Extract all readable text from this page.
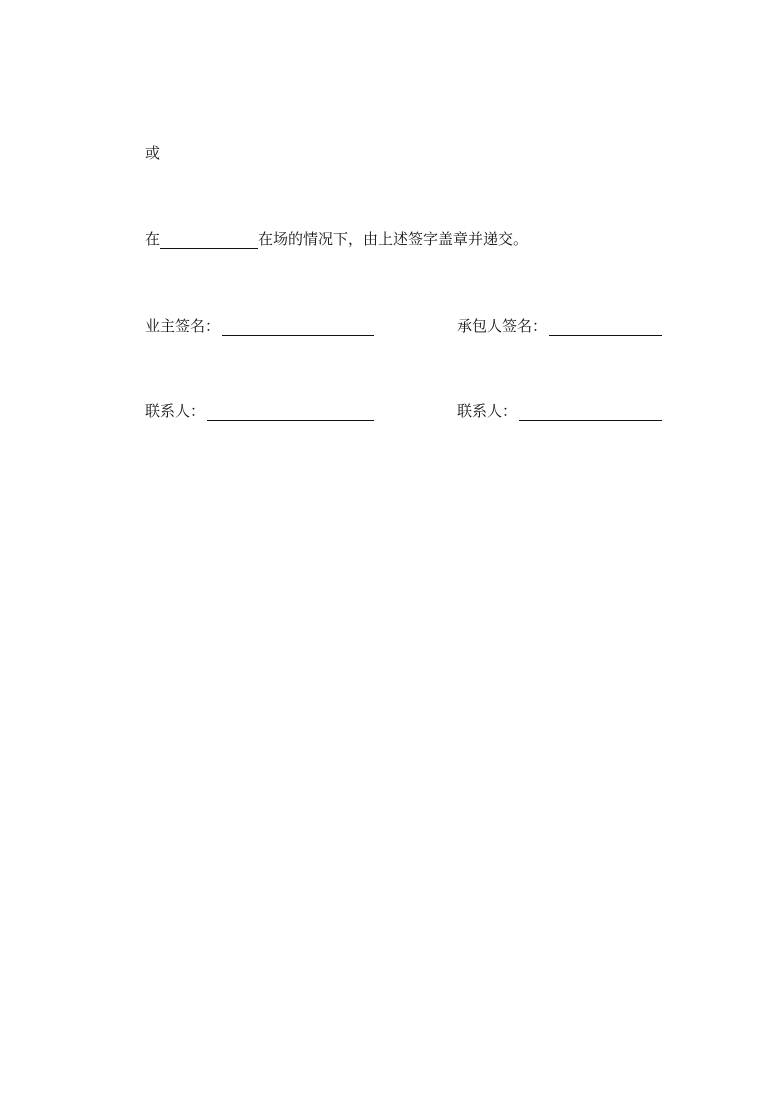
或
在	在场的情况下，由上述签字盖章并递交。
业主签名：	承包人签名：
联系人：	联系人：
